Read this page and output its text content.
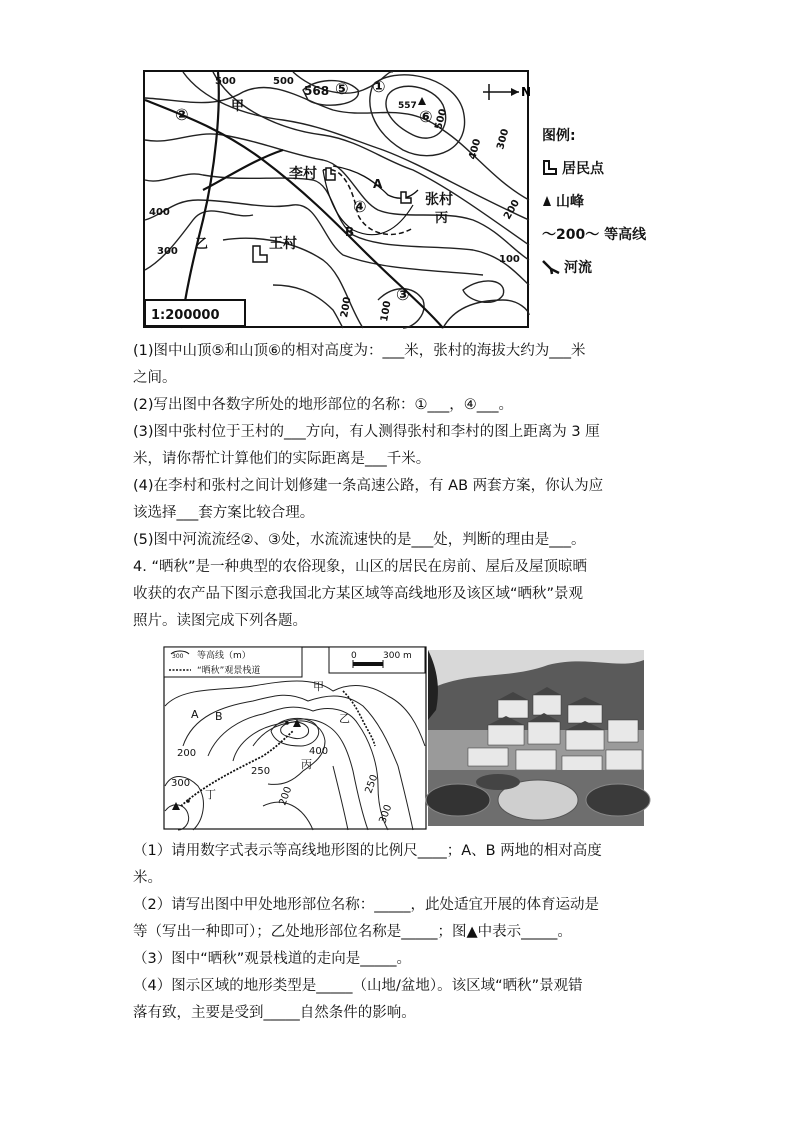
N
500	500
568
557
500
400 300
400
300
200
100
200	100
李村
张村
王村
A
B
甲
乙
丙
①
②
③
④
⑤
⑥
1:200000
图例:
居民点
山峰
～200～ 等高线
河流
(1)图中山顶⑤和山顶⑥的相对高度为：___米，张村的海拔大约为___米
之间。
(2)写出图中各数字所处的地形部位的名称：①___，④___。
(3)图中张村位于王村的___方向，有人测得张村和李村的图上距离为 3 厘
米，请你帮忙计算他们的实际距离是___千米。
(4)在李村和张村之间计划修建一条高速公路，有 AB 两套方案，你认为应
该选择___套方案比较合理。
(5)图中河流流经②、③处，水流流速快的是___处，判断的理由是___。
4. “晒秋”是一种典型的农俗现象，山区的居民在房前、屋后及屋顶晾晒
收获的农产品下图示意我国北方某区域等高线地形及该区域“晒秋”景观
照片。读图完成下列各题。
300 等高线（m）
“晒秋”观景栈道
0	300 m
200
250
400
300
200
250
300
A B
甲
乙
丙
丁
（1）请用数字式表示等高线地形图的比例尺____；A、B 两地的相对高度
米。
（2）请写出图中甲处地形部位名称：_____，此处适宜开展的体育运动是
等（写出一种即可）；乙处地形部位名称是_____；图▲中表示_____。
（3）图中“晒秋”观景栈道的走向是_____。
（4）图示区域的地形类型是_____（山地/盆地）。该区域“晒秋”景观错
落有致，主要是受到_____自然条件的影响。
